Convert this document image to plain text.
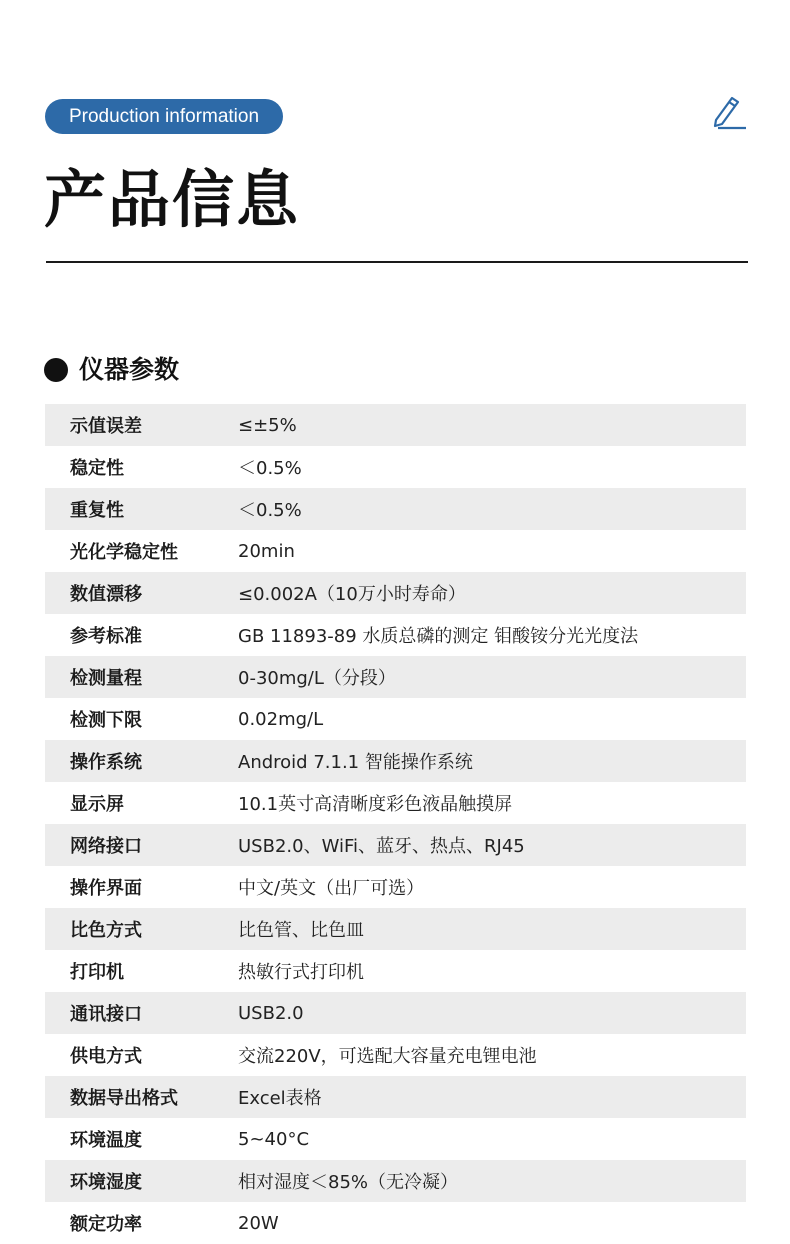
Production information
产品信息
仪器参数
示值误差	≤±5%
稳定性	＜0.5%
重复性	＜0.5%
光化学稳定性	20min
数值漂移	≤0.002A（10万小时寿命）
参考标准	GB 11893-89 水质总磷的测定 钼酸铵分光光度法
检测量程	0-30mg/L（分段）
检测下限	0.02mg/L
操作系统	Android 7.1.1 智能操作系统
显示屏	10.1英寸高清晰度彩色液晶触摸屏
网络接口	USB2.0、WiFi、蓝牙、热点、RJ45
操作界面	中文/英文（出厂可选）
比色方式	比色管、比色皿
打印机	热敏行式打印机
通讯接口	USB2.0
供电方式	交流220V，可选配大容量充电锂电池
数据导出格式	Excel表格
环境温度	5~40°C
环境湿度	相对湿度＜85%（无冷凝）
额定功率	20W
